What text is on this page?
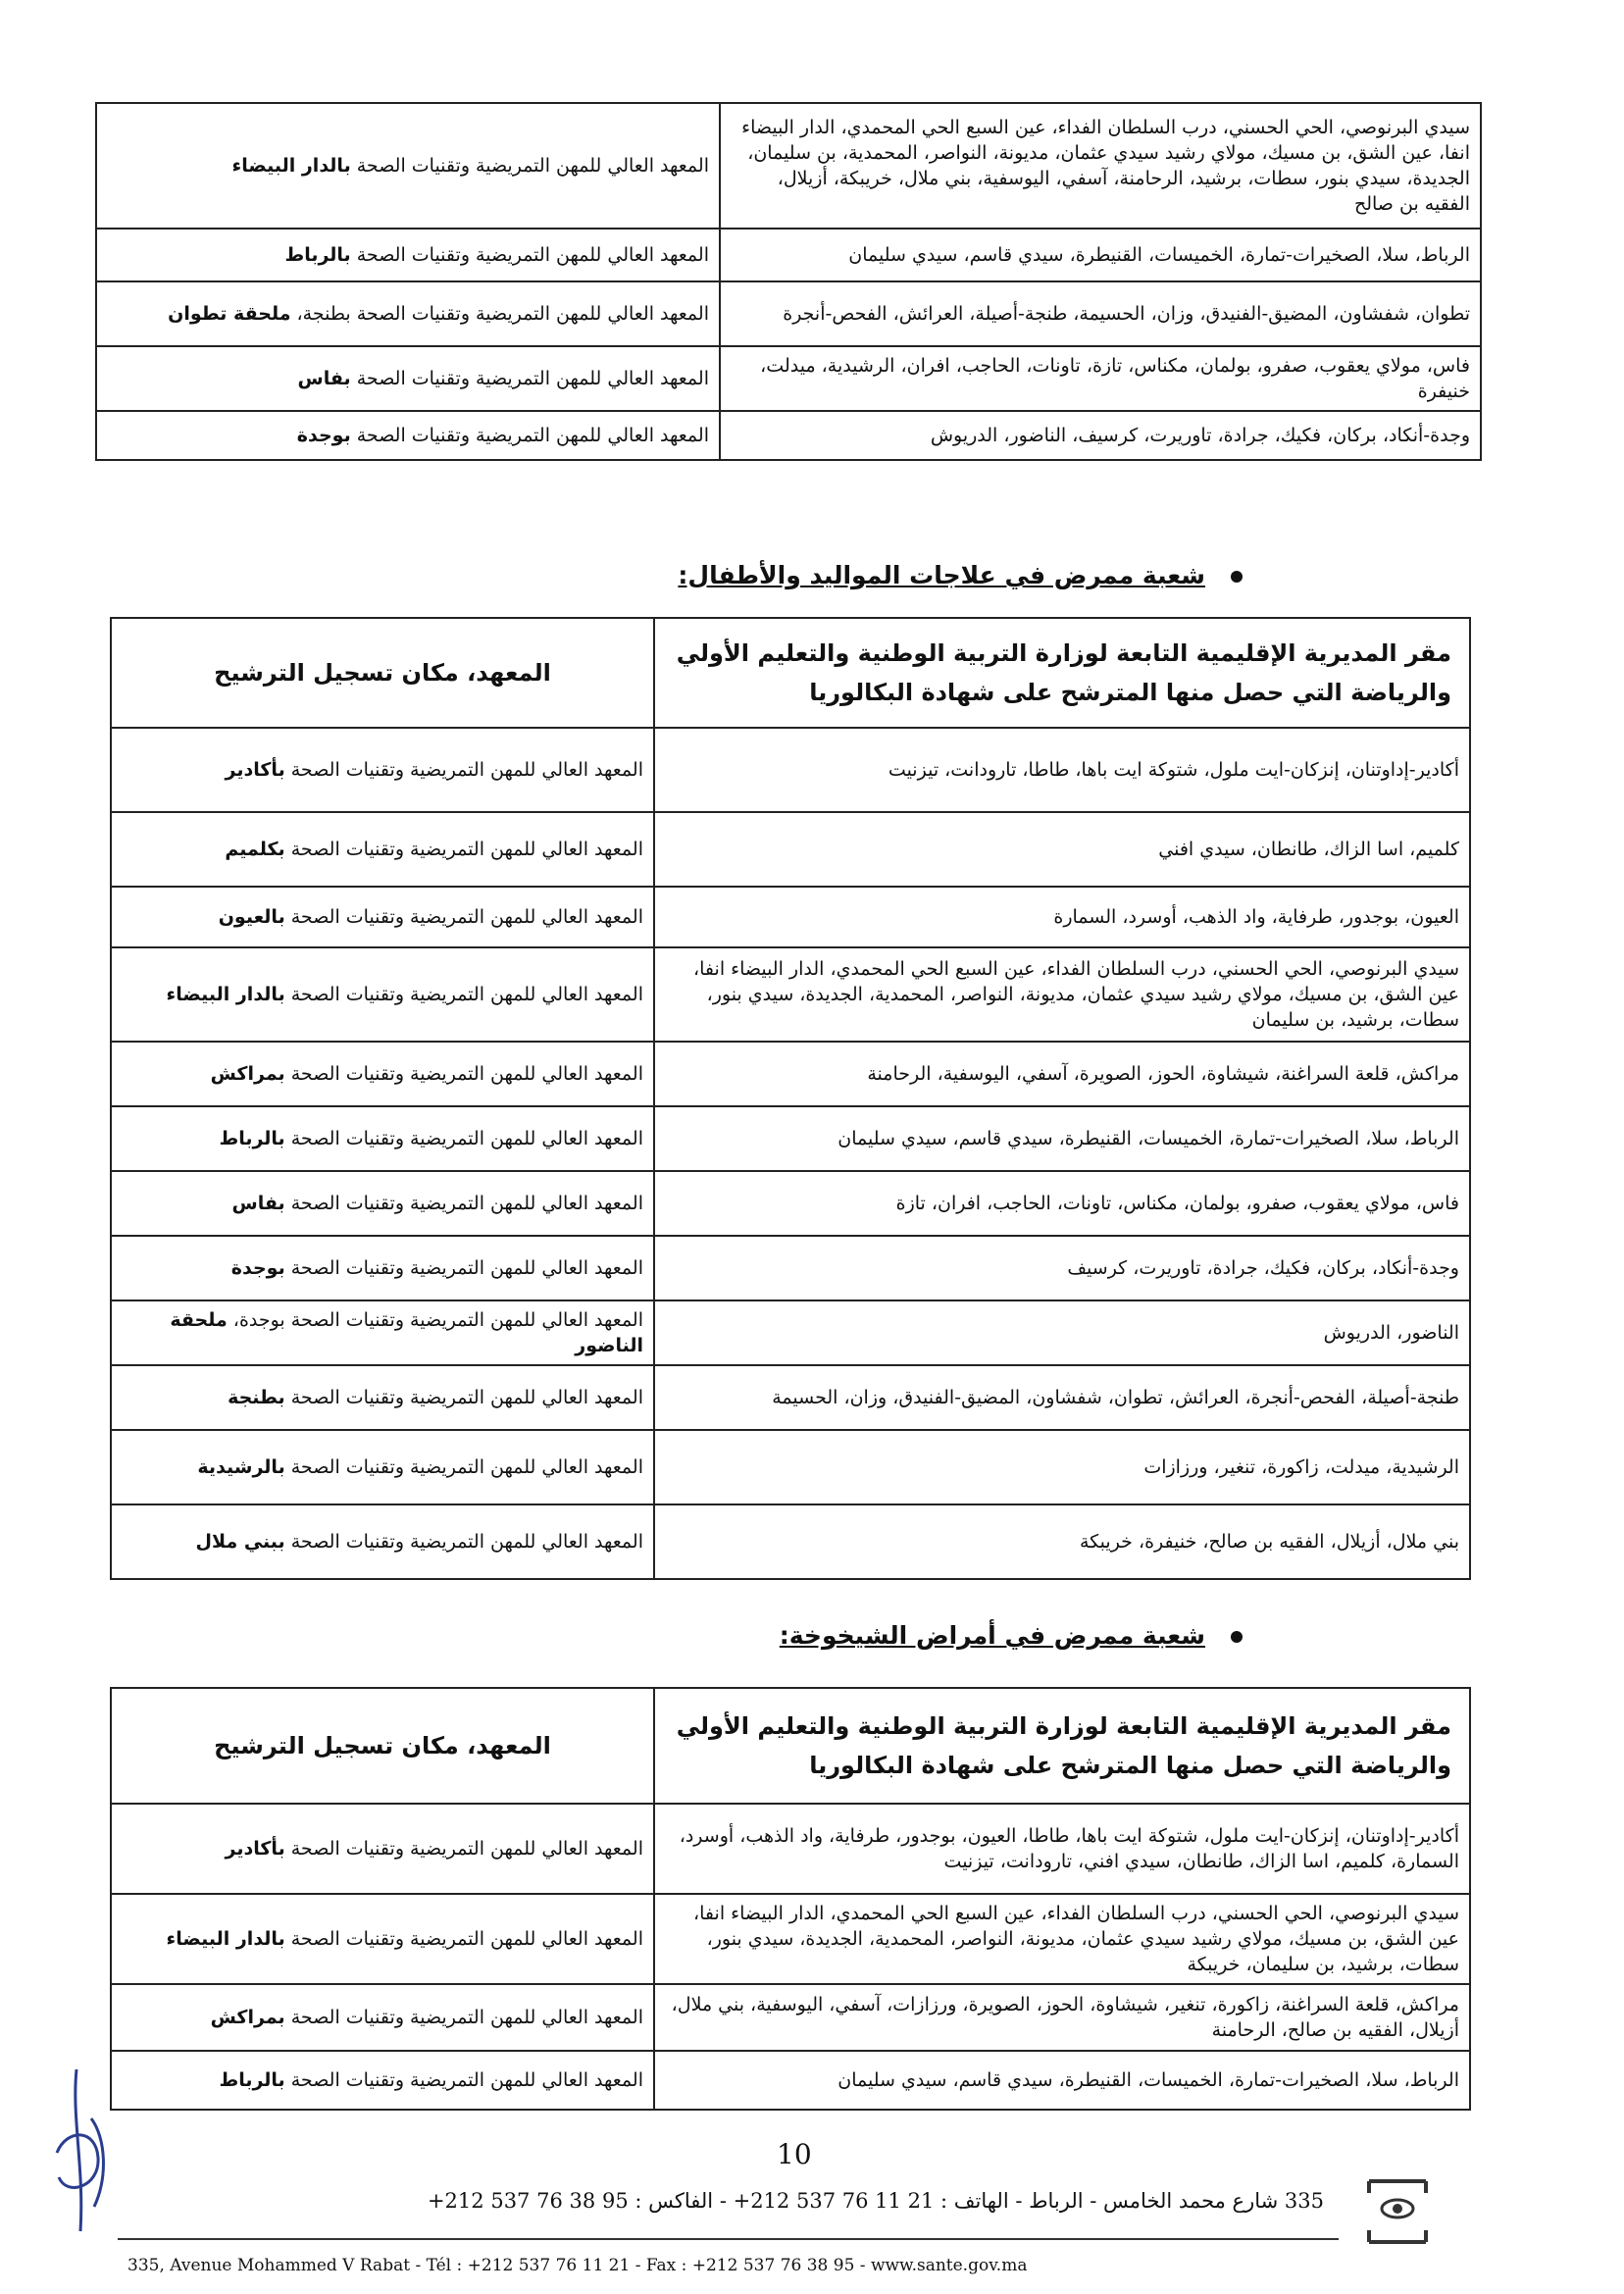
سيدي البرنوصي، الحي الحسني، درب السلطان الفداء، عين السبع الحي المحمدي، الدار البيضاء انفا، عين الشق، بن مسيك، مولاي رشيد سيدي عثمان، مديونة، النواصر، المحمدية، بن سليمان، الجديدة، سيدي بنور، سطات، برشيد، الرحامنة، آسفي، اليوسفية، بني ملال، خريبكة، أزيلال، الفقيه بن صالح	المعهد العالي للمهن التمريضية وتقنيات الصحة بالدار البيضاء
الرباط، سلا، الصخيرات-تمارة، الخميسات، القنيطرة، سيدي قاسم، سيدي سليمان	المعهد العالي للمهن التمريضية وتقنيات الصحة بالرباط
تطوان، شفشاون، المضيق-الفنيدق، وزان، الحسيمة، طنجة-أصيلة، العرائش، الفحص-أنجرة	المعهد العالي للمهن التمريضية وتقنيات الصحة بطنجة، ملحقة تطوان
فاس، مولاي يعقوب، صفرو، بولمان، مكناس، تازة، تاونات، الحاجب، افران، الرشيدية، ميدلت، خنيفرة	المعهد العالي للمهن التمريضية وتقنيات الصحة بفاس
وجدة-أنكاد، بركان، فكيك، جرادة، تاوريرت، كرسيف، الناضور، الدريوش	المعهد العالي للمهن التمريضية وتقنيات الصحة بوجدة
شعبة ممرض في علاجات المواليد والأطفال:
مقر المديرية الإقليمية التابعة لوزارة التربية الوطنية والتعليم الأولي والرياضة التي حصل منها المترشح على شهادة البكالوريا	المعهد، مكان تسجيل الترشيح
أكادير-إداوتنان، إنزكان-ايت ملول، شتوكة ايت باها، طاطا، تارودانت، تيزنيت	المعهد العالي للمهن التمريضية وتقنيات الصحة بأكادير
كلميم، اسا الزاك، طانطان، سيدي افني	المعهد العالي للمهن التمريضية وتقنيات الصحة بكلميم
العيون، بوجدور، طرفاية، واد الذهب، أوسرد، السمارة	المعهد العالي للمهن التمريضية وتقنيات الصحة بالعيون
سيدي البرنوصي، الحي الحسني، درب السلطان الفداء، عين السبع الحي المحمدي، الدار البيضاء انفا، عين الشق، بن مسيك، مولاي رشيد سيدي عثمان، مديونة، النواصر، المحمدية، الجديدة، سيدي بنور، سطات، برشيد، بن سليمان	المعهد العالي للمهن التمريضية وتقنيات الصحة بالدار البيضاء
مراكش، قلعة السراغنة، شيشاوة، الحوز، الصويرة، آسفي، اليوسفية، الرحامنة	المعهد العالي للمهن التمريضية وتقنيات الصحة بمراكش
الرباط، سلا، الصخيرات-تمارة، الخميسات، القنيطرة، سيدي قاسم، سيدي سليمان	المعهد العالي للمهن التمريضية وتقنيات الصحة بالرباط
فاس، مولاي يعقوب، صفرو، بولمان، مكناس، تاونات، الحاجب، افران، تازة	المعهد العالي للمهن التمريضية وتقنيات الصحة بفاس
وجدة-أنكاد، بركان، فكيك، جرادة، تاوريرت، كرسيف	المعهد العالي للمهن التمريضية وتقنيات الصحة بوجدة
الناضور، الدريوش	المعهد العالي للمهن التمريضية وتقنيات الصحة بوجدة، ملحقة الناضور
طنجة-أصيلة، الفحص-أنجرة، العرائش، تطوان، شفشاون، المضيق-الفنيدق، وزان، الحسيمة	المعهد العالي للمهن التمريضية وتقنيات الصحة بطنجة
الرشيدية، ميدلت، زاكورة، تنغير، ورزازات	المعهد العالي للمهن التمريضية وتقنيات الصحة بالرشيدية
بني ملال، أزيلال، الفقيه بن صالح، خنيفرة، خريبكة	المعهد العالي للمهن التمريضية وتقنيات الصحة ببني ملال
شعبة ممرض في أمراض الشيخوخة:
مقر المديرية الإقليمية التابعة لوزارة التربية الوطنية والتعليم الأولي والرياضة التي حصل منها المترشح على شهادة البكالوريا	المعهد، مكان تسجيل الترشيح
أكادير-إداوتنان، إنزكان-ايت ملول، شتوكة ايت باها، طاطا، العيون، بوجدور، طرفاية، واد الذهب، أوسرد، السمارة، كلميم، اسا الزاك، طانطان، سيدي افني، تارودانت، تيزنيت	المعهد العالي للمهن التمريضية وتقنيات الصحة بأكادير
سيدي البرنوصي، الحي الحسني، درب السلطان الفداء، عين السبع الحي المحمدي، الدار البيضاء انفا، عين الشق، بن مسيك، مولاي رشيد سيدي عثمان، مديونة، النواصر، المحمدية، الجديدة، سيدي بنور، سطات، برشيد، بن سليمان، خريبكة	المعهد العالي للمهن التمريضية وتقنيات الصحة بالدار البيضاء
مراكش، قلعة السراغنة، زاكورة، تنغير، شيشاوة، الحوز، الصويرة، ورزازات، آسفي، اليوسفية، بني ملال، أزيلال، الفقيه بن صالح، الرحامنة	المعهد العالي للمهن التمريضية وتقنيات الصحة بمراكش
الرباط، سلا، الصخيرات-تمارة، الخميسات، القنيطرة، سيدي قاسم، سيدي سليمان	المعهد العالي للمهن التمريضية وتقنيات الصحة بالرباط
10
335 شارع محمد الخامس - الرباط - الهاتف : 21 11 76 537 212+ - الفاكس : 95 38 76 537 212+
335, Avenue Mohammed V Rabat - Tél : +212 537 76 11 21 - Fax : +212 537 76 38 95 - www.sante.gov.ma
